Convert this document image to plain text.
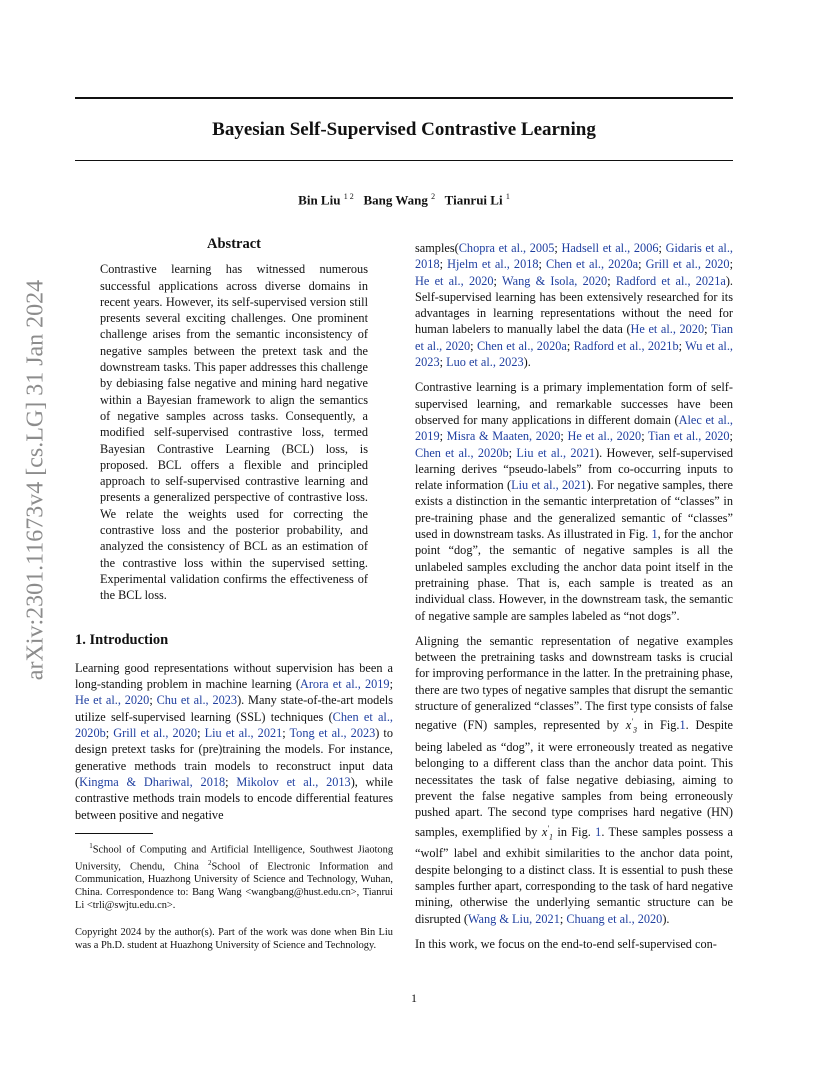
Bayesian Self-Supervised Contrastive Learning
Bin Liu $^{1 2}$ Bang Wang $^2$ Tianrui Li $^1$
arXiv:2301.11673v4 [cs.LG] 31 Jan 2024
Abstract

Contrastive learning has witnessed numerous successful applications across diverse domains in recent years. However, its self-supervised version still presents several exciting challenges. One prominent challenge arises from the semantic inconsistency of negative samples between the pretext task and the downstream tasks. This paper addresses this challenge by debiasing false negative and mining hard negative within a Bayesian framework to align the semantics of negative samples across tasks. Consequently, a modified self-supervised contrastive loss, termed Bayesian Contrastive Learning (BCL) loss, is proposed. BCL offers a flexible and principled approach to self-supervised contrastive learning and presents a generalized perspective of contrastive loss. We relate the weights used for correcting the contrastive loss and the posterior probability, and analyzed the consistency of BCL as an estimation of the contrastive loss within the supervised setting. Experimental validation confirms the effectiveness of the BCL loss.

1. Introduction

Learning good representations without supervision has been a long-standing problem in machine learning (Arora et al., 2019; He et al., 2020; Chu et al., 2023). Many state-of-the-art models utilize self-supervised learning (SSL) techniques (Chen et al., 2020b; Grill et al., 2020; Liu et al., 2021; Tong et al., 2023) to design pretext tasks for (pre)training the models. For instance, generative methods train models to reconstruct input data (Kingma & Dhariwal, 2018; Mikolov et al., 2013), while contrastive methods train models to encode differential features between positive and negative

$^1$School of Computing and Artificial Intelligence, Southwest Jiaotong University, Chendu, China $^2$School of Electronic Information and Communication, Huazhong University of Science and Technology, Wuhan, China. Correspondence to: Bang Wang <wangbang@hust.edu.cn>, Tianrui Li <trli@swjtu.edu.cn>.

Copyright 2024 by the author(s). Part of the work was done when Bin Liu was a Ph.D. student at Huazhong University of Science and Technology.

samples(Chopra et al., 2005; Hadsell et al., 2006; Gidaris et al., 2018; Hjelm et al., 2018; Chen et al., 2020a; Grill et al., 2020; He et al., 2020; Wang & Isola, 2020; Radford et al., 2021a). Self-supervised learning has been extensively researched for its advantages in learning representations without the need for human labelers to manually label the data (He et al., 2020; Tian et al., 2020; Chen et al., 2020a; Radford et al., 2021b; Wu et al., 2023; Luo et al., 2023).

Contrastive learning is a primary implementation form of self-supervised learning, and remarkable successes have been observed for many applications in different domain (Alec et al., 2019; Misra & Maaten, 2020; He et al., 2020; Tian et al., 2020; Chen et al., 2020b; Liu et al., 2021). However, self-supervised learning derives “pseudo-labels” from co-occurring inputs to relate information (Liu et al., 2021). For negative samples, there exists a distinction in the semantic interpretation of “classes” in pre-training phase and the generalized semantic of “classes” used in downstream tasks. As illustrated in Fig. 1, for the anchor point “dog”, the semantic of negative samples is all the unlabeled samples excluding the anchor data point itself in the pretraining phase. That is, each sample is treated as an individual class. However, in the downstream task, the semantic of negative sample are samples labeled as “not dogs”.

Aligning the semantic representation of negative examples between the pretraining tasks and downstream tasks is crucial for improving performance in the latter. In the pretraining phase, there are two types of negative samples that disrupt the semantic structure of generalized “classes”. The first type consists of false negative (FN) samples, represented by $x'_3$ in Fig.1. Despite being labeled as “dog”, it were erroneously treated as negative belonging to a different class than the anchor data point. This necessitates the task of false negative debiasing, aiming to prevent the false negative samples from being erroneously pushed apart. The second type comprises hard negative (HN) samples, exemplified by $x'_1$ in Fig. 1. These samples possess a “wolf” label and exhibit similarities to the anchor data point, despite belonging to a distinct class. It is essential to push these samples further apart, corresponding to the task of hard negative mining, otherwise the underlying semantic structure can be disrupted (Wang & Liu, 2021; Chuang et al., 2020).

In this work, we focus on the end-to-end self-supervised con-

1
